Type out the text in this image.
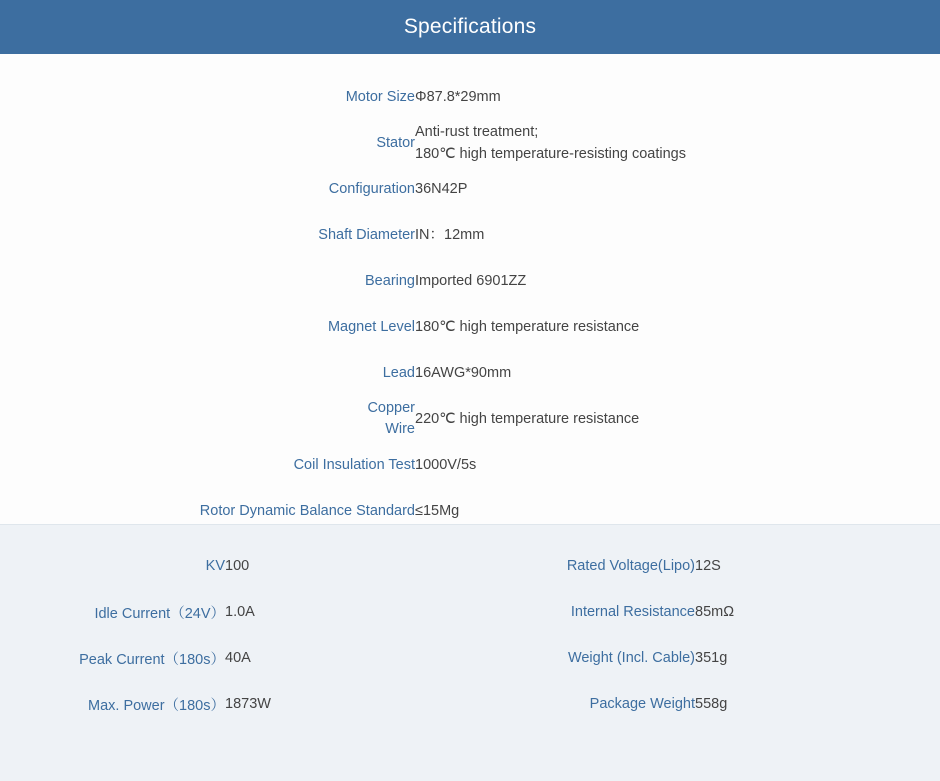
Specifications
Motor Size	Φ87.8*29mm

Stator	Anti-rust treatment;
180℃ high temperature-resisting coatings

Configuration	36N42P

Shaft Diameter	IN：12mm

Bearing	Imported 6901ZZ

Magnet Level	180℃ high temperature resistance

Lead	16AWG*90mm

Copper
Wire	220℃ high temperature resistance

Coil Insulation Test	1000V/5s

Rotor Dynamic Balance Standard	≤15Mg
KV	100	Rated Voltage(Lipo)	12S
Idle Current（24V）	1.0A	Internal Resistance	85mΩ
Peak Current（180s）	40A	Weight (Incl. Cable)	351g
Max. Power（180s）	1873W	Package Weight	558g
